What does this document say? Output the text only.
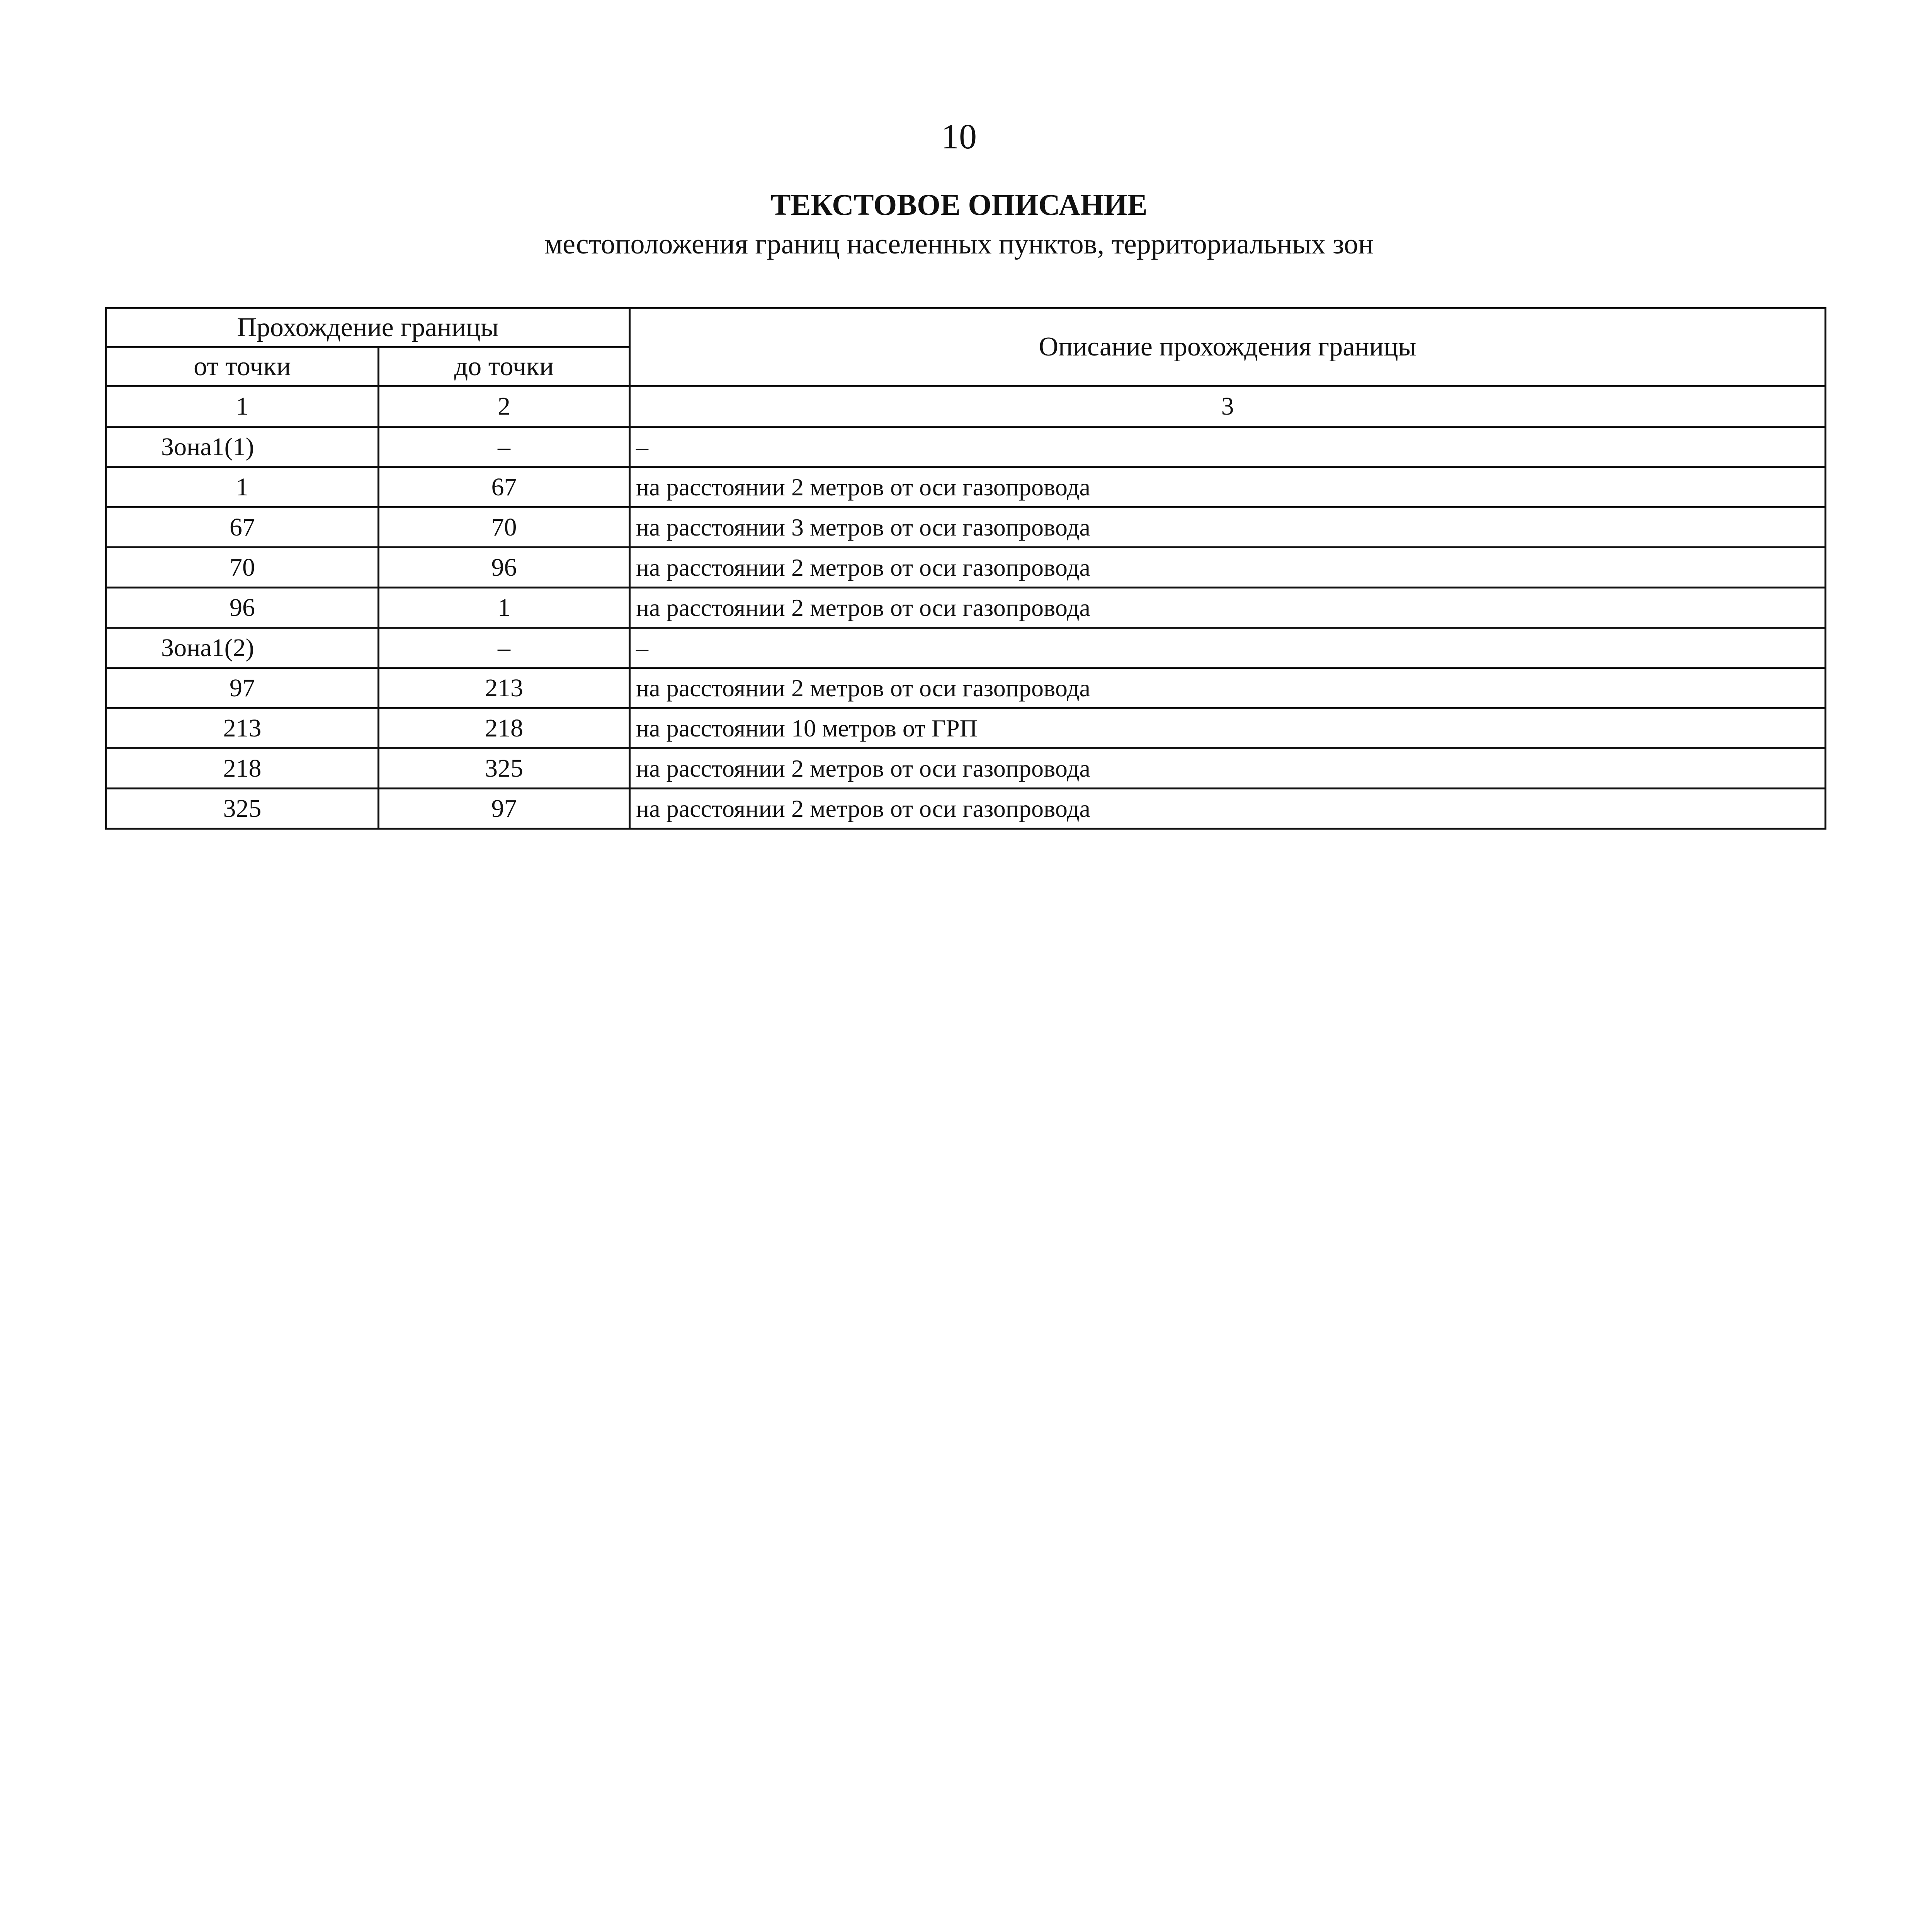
10
ТЕКСТОВОЕ ОПИСАНИЕ
местоположения границ населенных пунктов, территориальных зон
Прохождение границы		Описание прохождения границы
от точки	до точки	
1	2	3
Зона1(1)	–	–
1	67	на расстоянии 2 метров от оси газопровода
67	70	на расстоянии 3 метров от оси газопровода
70	96	на расстоянии 2 метров от оси газопровода
96	1	на расстоянии 2 метров от оси газопровода
Зона1(2)	–	–
97	213	на расстоянии 2 метров от оси газопровода
213	218	на расстоянии 10 метров от ГРП
218	325	на расстоянии 2 метров от оси газопровода
325	97	на расстоянии 2 метров от оси газопровода
